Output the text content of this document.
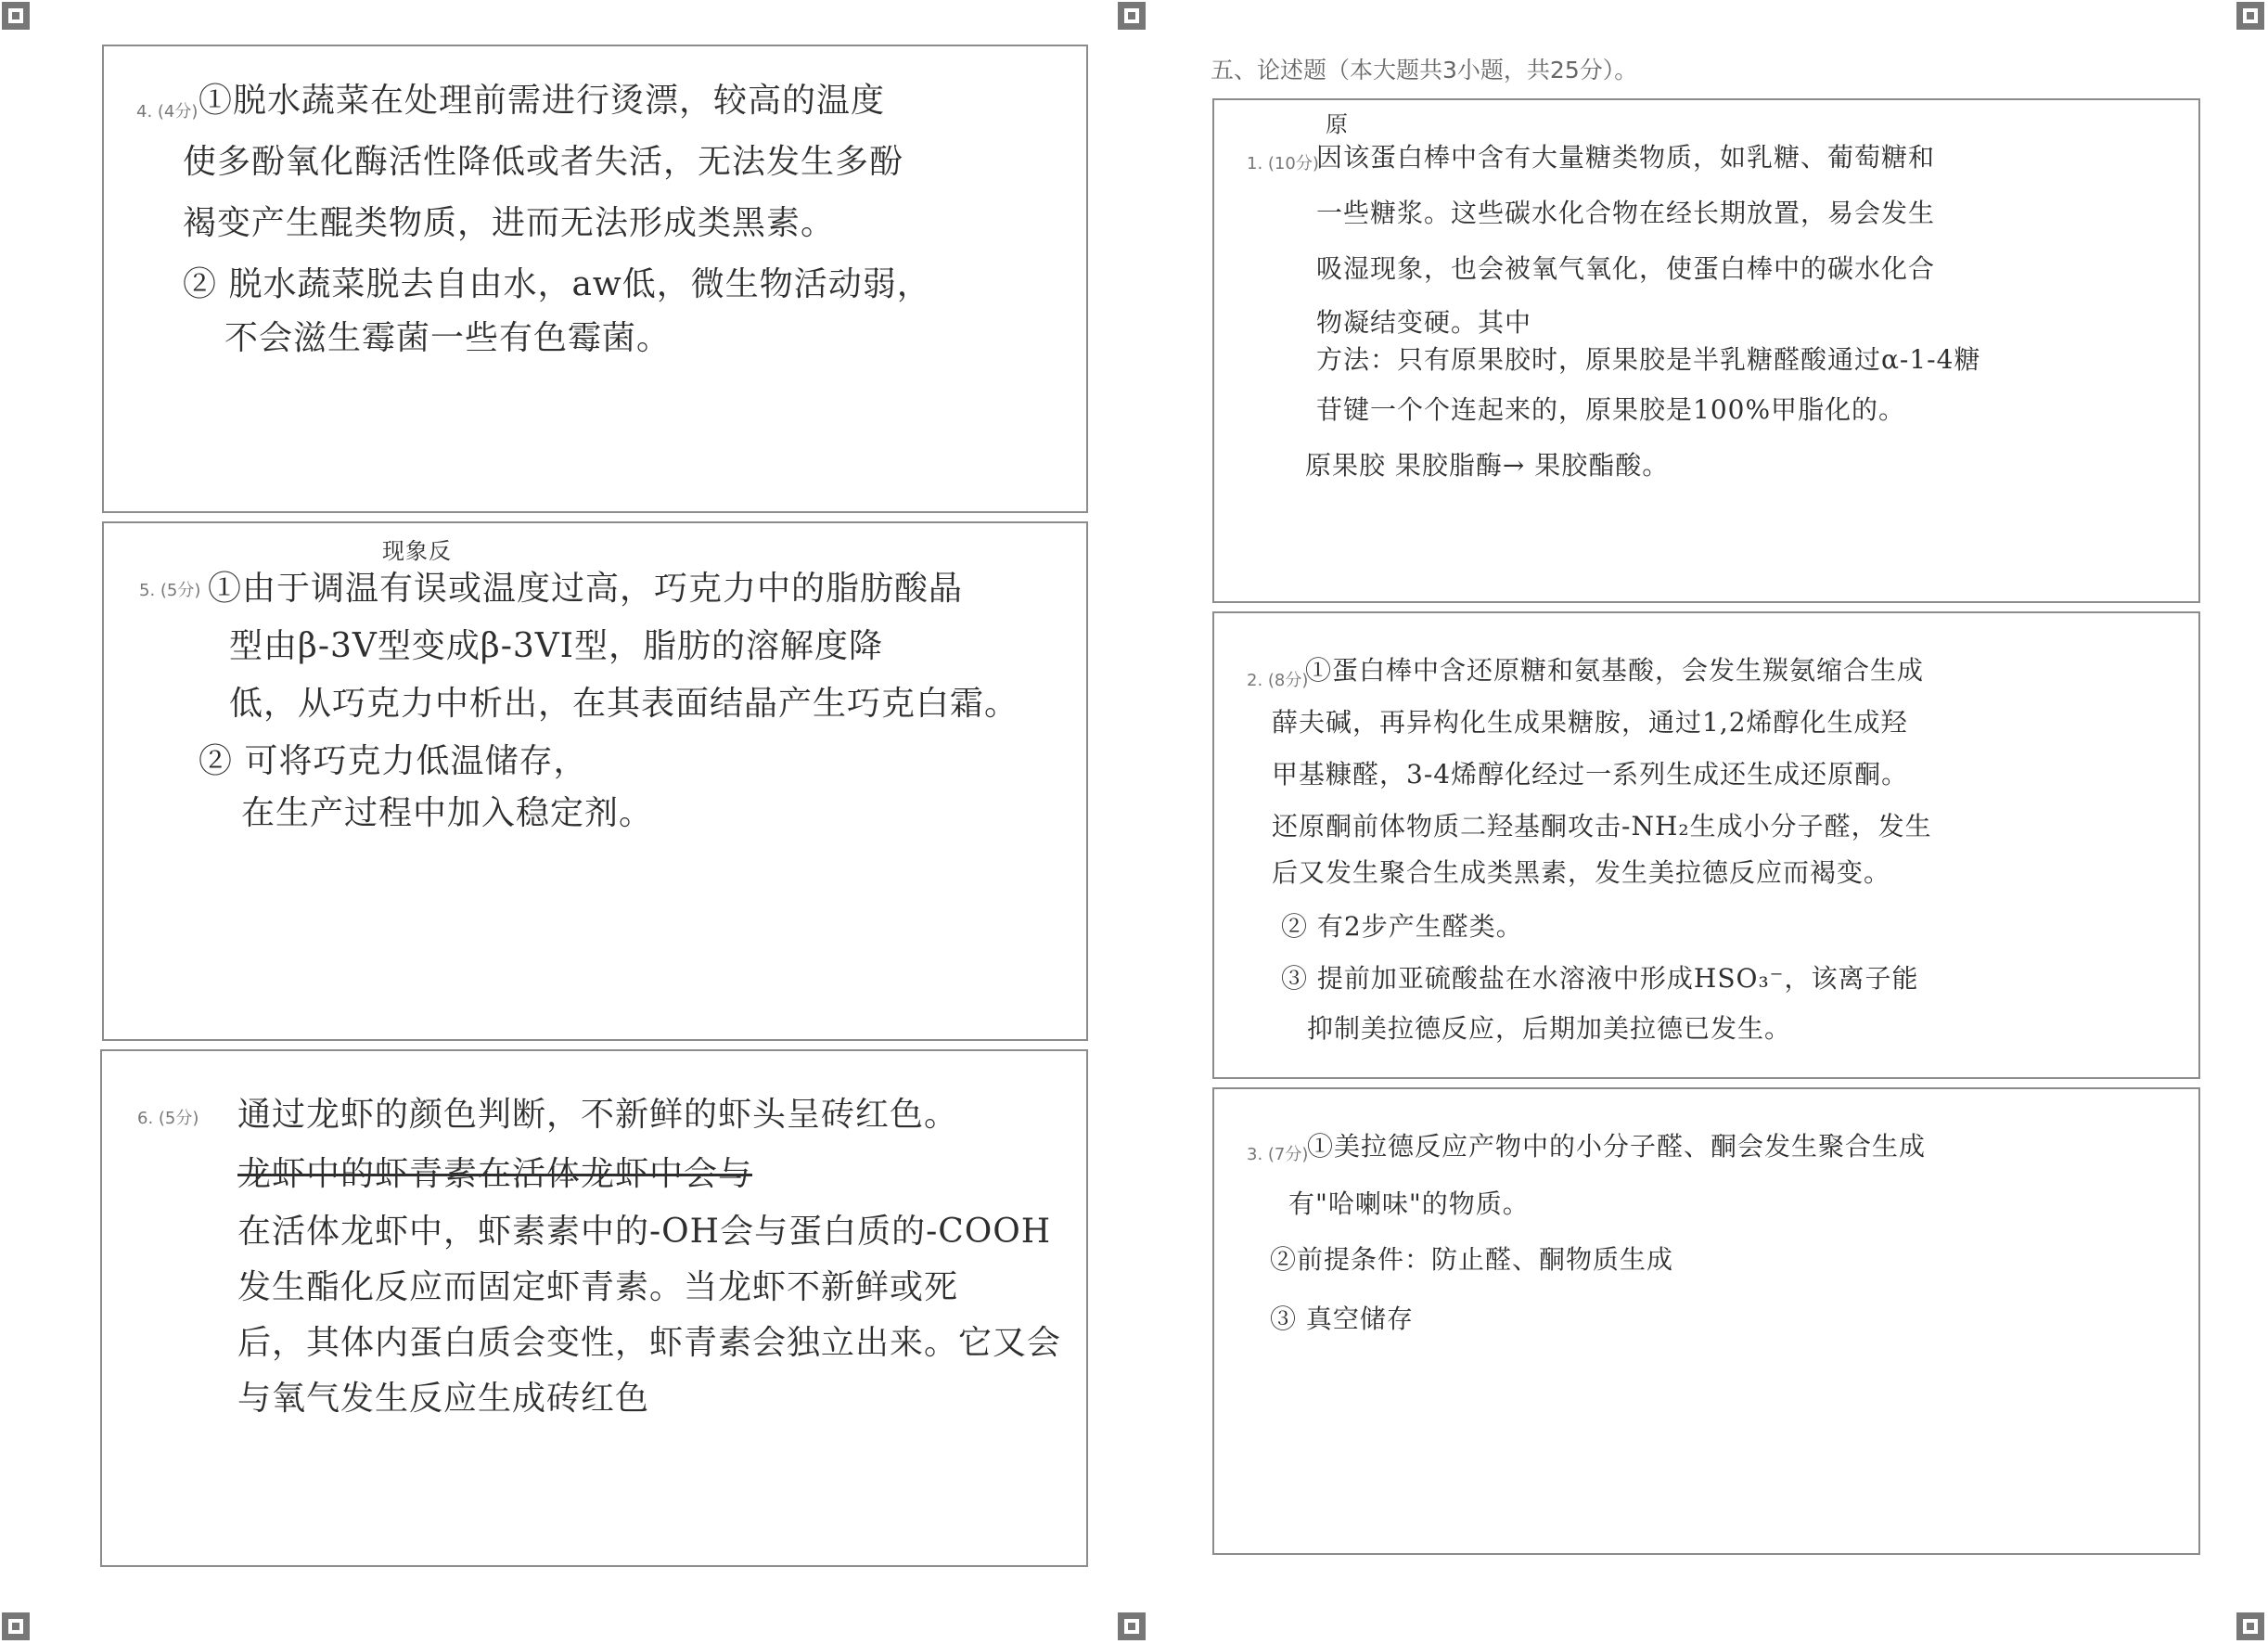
五、论述题（本大题共3小题，共25分）。
4. (4分) ①脱水蔬菜在处理前需进行烫漂，较高的温度
使多酚氧化酶活性降低或者失活，无法发生多酚
褐变产生醌类物质，进而无法形成类黑素。
② 脱水蔬菜脱去自由水，aw低，微生物活动弱，
不会滋生霉菌一些有色霉菌。
现象反
5. (5分) ①由于调温有误或温度过高，巧克力中的脂肪酸晶
型由β-3V型变成β-3VI型，脂肪的溶解度降
低，从巧克力中析出，在其表面结晶产生巧克白霜。
② 可将巧克力低温储存，
在生产过程中加入稳定剂。
6. (5分) 通过龙虾的颜色判断，不新鲜的虾头呈砖红色。
龙虾中的虾青素在活体龙虾中会与
在活体龙虾中，虾素素中的-OH会与蛋白质的-COOH
发生酯化反应而固定虾青素。当龙虾不新鲜或死
后，其体内蛋白质会变性，虾青素会独立出来。它又会
与氧气发生反应生成砖红色
原
1. (10分)
因该蛋白棒中含有大量糖类物质，如乳糖、葡萄糖和
一些糖浆。这些碳水化合物在经长期放置，易会发生
吸湿现象，也会被氧气氧化，使蛋白棒中的碳水化合
物凝结变硬。其中
方法：只有原果胶时，原果胶是半乳糖醛酸通过α-1-4糖
苷键一个个连起来的，原果胶是100%甲脂化的。
原果胶 果胶脂酶→ 果胶酯酸。
2. (8分)
①蛋白棒中含还原糖和氨基酸，会发生羰氨缩合生成
薛夫碱，再异构化生成果糖胺，通过1,2烯醇化生成羟
甲基糠醛，3-4烯醇化经过一系列生成还生成还原酮。
还原酮前体物质二羟基酮攻击-NH₂生成小分子醛，发生
后又发生聚合生成类黑素，发生美拉德反应而褐变。
② 有2步产生醛类。
③ 提前加亚硫酸盐在水溶液中形成HSO₃⁻，该离子能
抑制美拉德反应，后期加美拉德已发生。
3. (7分)
①美拉德反应产物中的小分子醛、酮会发生聚合生成
有"哈喇味"的物质。
②前提条件：防止醛、酮物质生成
③ 真空储存
